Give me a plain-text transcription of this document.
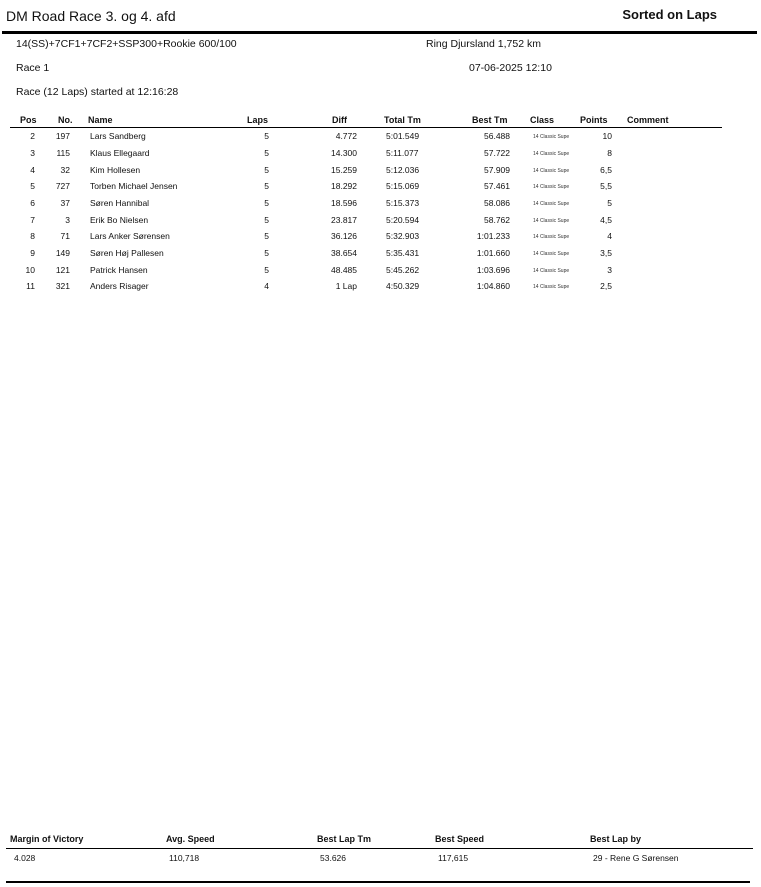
DM Road Race 3. og 4. afd	Sorted on Laps
14(SS)+7CF1+7CF2+SSP300+Rookie 600/100	Ring Djursland 1,752 km
Race 1	07-06-2025 12:10
Race (12 Laps) started at 12:16:28
Pos No. Name	Laps	Diff	Total Tm	Best Tm Class	Points Comment
2 197 Lars Sandberg	5	4.772	5:01.549	56.488	14 Classic Supe	10
3	115 Klaus Ellegaard	5	14.300	5:11.077	57.722	14 Classic Supe	8
4	32 Kim Hollesen	5	15.259	5:12.036	57.909	14 Classic Supe	6,5
5 727 Torben Michael Jensen	5	18.292	5:15.069	57.461	14 Classic Supe	5,5
6	37 Søren Hannibal	5	18.596	5:15.373	58.086	14 Classic Supe	5
7	3 Erik Bo Nielsen	5	23.817	5:20.594	58.762	14 Classic Supe	4,5
8	71 Lars Anker Sørensen	5	36.126	5:32.903	1:01.233	14 Classic Supe	4
9 149 Søren Høj Pallesen	5	38.654	5:35.431	1:01.660	14 Classic Supe	3,5
10 121 Patrick Hansen	5	48.485	5:45.262	1:03.696	14 Classic Supe	3
11 321 Anders Risager	4	1 Lap	4:50.329	1:04.860	14 Classic Supe	2,5
Margin of Victory	Avg. Speed	Best Lap Tm	Best Speed	Best Lap by
4.028	110,718	53.626	117,615	29 - Rene G Sørensen
